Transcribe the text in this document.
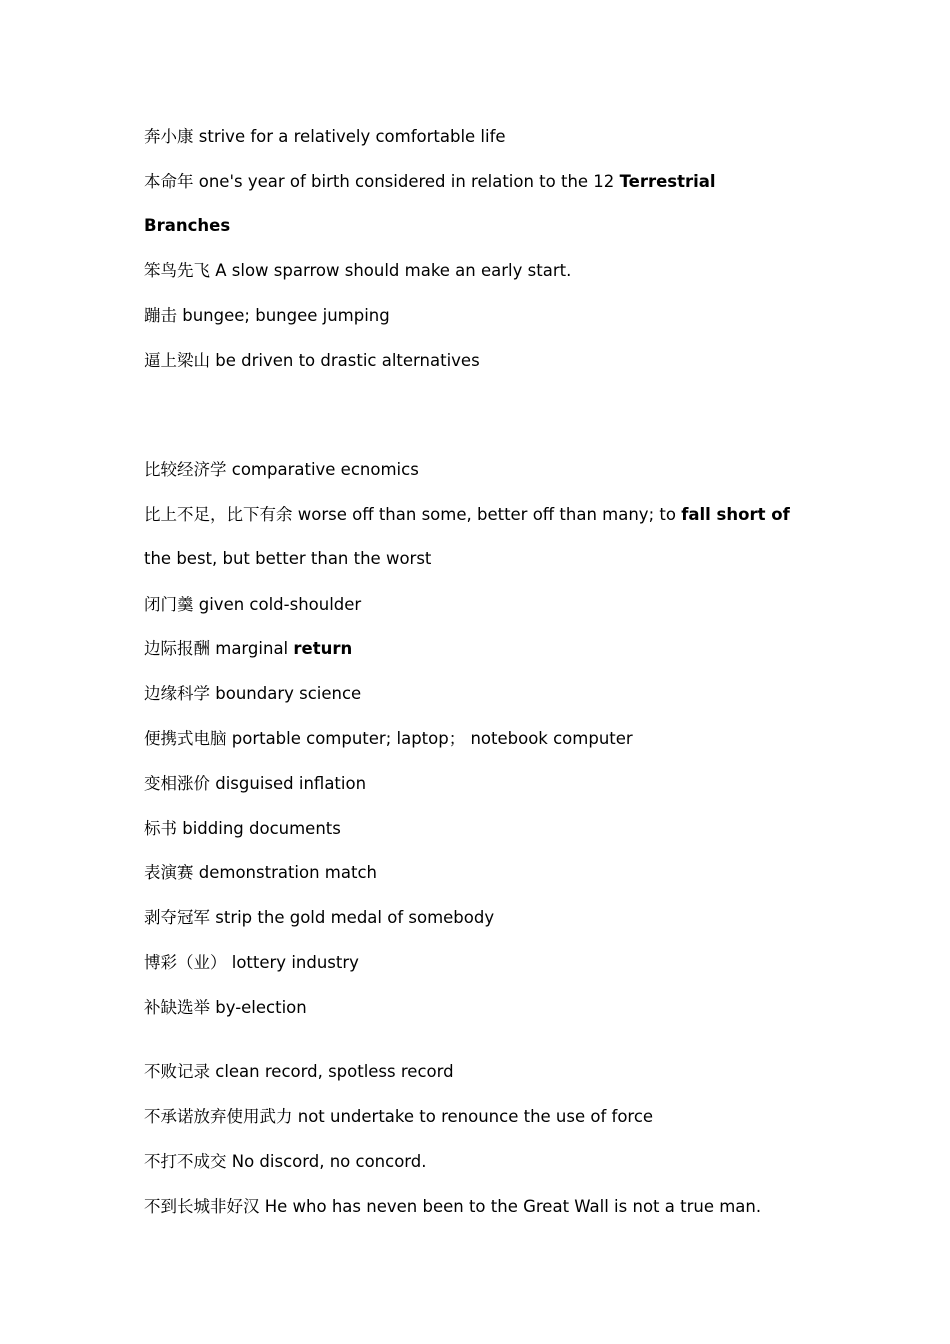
奔小康 strive for a relatively comfortable life
本命年 one's year of birth considered in relation to the 12 Terrestrial
Branches
笨鸟先飞 A slow sparrow should make an early start.
蹦击 bungee; bungee jumping
逼上梁山 be driven to drastic alternatives
比较经济学 comparative ecnomics
比上不足，比下有余 worse off than some, better off than many; to fall short of
the best, but better than the worst
闭门羹 given cold-shoulder
边际报酬 marginal return
边缘科学 boundary science
便携式电脑 portable computer; laptop； notebook computer
变相涨价 disguised inflation
标书 bidding documents
表演赛 demonstration match
剥夺冠军 strip the gold medal of somebody
博彩（业） lottery industry
补缺选举 by-election
不败记录 clean record, spotless record
不承诺放弃使用武力 not undertake to renounce the use of force
不打不成交 No discord, no concord.
不到长城非好汉 He who has neven been to the Great Wall is not a true man.
